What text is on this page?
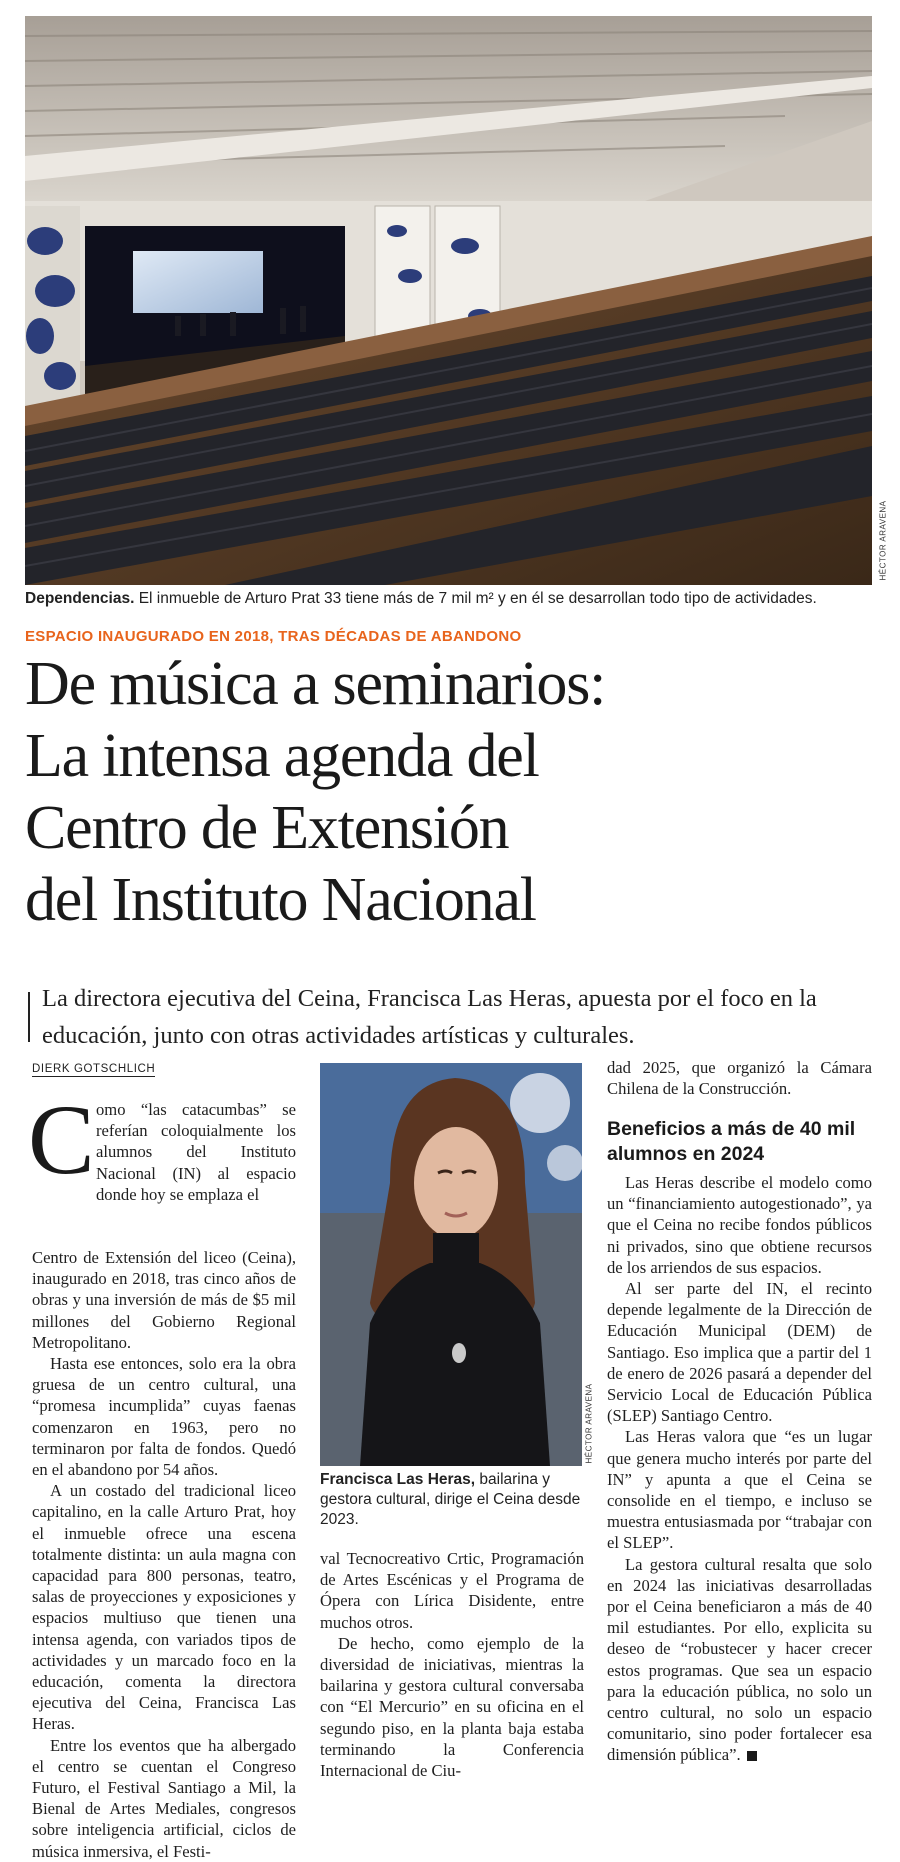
HÉCTOR ARAVENA
Dependencias. El inmueble de Arturo Prat 33 tiene más de 7 mil m² y en él se desarrollan todo tipo de actividades.
ESPACIO INAUGURADO EN 2018, TRAS DÉCADAS DE ABANDONO
De música a seminarios:
La intensa agenda del
Centro de Extensión
del Instituto Nacional
La directora ejecutiva del Ceina, Francisca Las Heras, apuesta por el foco en la educación, junto con otras actividades artísticas y culturales.
DIERK GOTSCHLICH
C omo “las catacumbas” se referían coloquialmente los alumnos del Instituto Nacional (IN) al espacio donde hoy se emplaza el

Centro de Extensión del liceo (Ceina), inaugurado en 2018, tras cinco años de obras y una inversión de más de $5 mil millones del Gobierno Regional Metropolitano.

Hasta ese entonces, solo era la obra gruesa de un centro cultural, una “promesa incumplida” cuyas faenas comenzaron en 1963, pero no terminaron por falta de fondos. Quedó en el abandono por 54 años.

A un costado del tradicional liceo capitalino, en la calle Arturo Prat, hoy el inmueble ofrece una escena totalmente distinta: un aula magna con capacidad para 800 personas, teatro, salas de proyecciones y exposiciones y espacios multiuso que tienen una intensa agenda, con variados tipos de actividades y un marcado foco en la educación, comenta la directora ejecutiva del Ceina, Francisca Las Heras.

Entre los eventos que ha albergado el centro se cuentan el Congreso Futuro, el Festival Santiago a Mil, la Bienal de Artes Mediales, congresos sobre inteligencia artificial, ciclos de música inmersiva, el Festi-

HÉCTOR ARAVENA
Francisca Las Heras, bailarina y gestora cultural, dirige el Ceina desde 2023.

val Tecnocreativo Crtic, Programación de Artes Escénicas y el Programa de Ópera con Lírica Disidente, entre muchos otros.

De hecho, como ejemplo de la diversidad de iniciativas, mientras la bailarina y gestora cultural conversaba con “El Mercurio” en su oficina en el segundo piso, en la planta baja estaba terminando la Conferencia Internacional de Ciu-

dad 2025, que organizó la Cámara Chilena de la Construcción.

Beneficios a más de 40 mil alumnos en 2024

Las Heras describe el modelo como un “financiamiento autogestionado”, ya que el Ceina no recibe fondos públicos ni privados, sino que obtiene recursos de los arriendos de sus espacios.

Al ser parte del IN, el recinto depende legalmente de la Dirección de Educación Municipal (DEM) de Santiago. Eso implica que a partir del 1 de enero de 2026 pasará a depender del Servicio Local de Educación Pública (SLEP) Santiago Centro.

Las Heras valora que “es un lugar que genera mucho interés por parte del IN” y apunta a que el Ceina se consolide en el tiempo, e incluso se muestra entusiasmada por “trabajar con el SLEP”.

La gestora cultural resalta que solo en 2024 las iniciativas desarrolladas por el Ceina beneficiaron a más de 40 mil estudiantes. Por ello, explicita su deseo de “robustecer y hacer crecer estos programas. Que sea un espacio para la educación pública, no solo un centro cultural, no solo un espacio comunitario, sino poder fortalecer esa dimensión pública”.
